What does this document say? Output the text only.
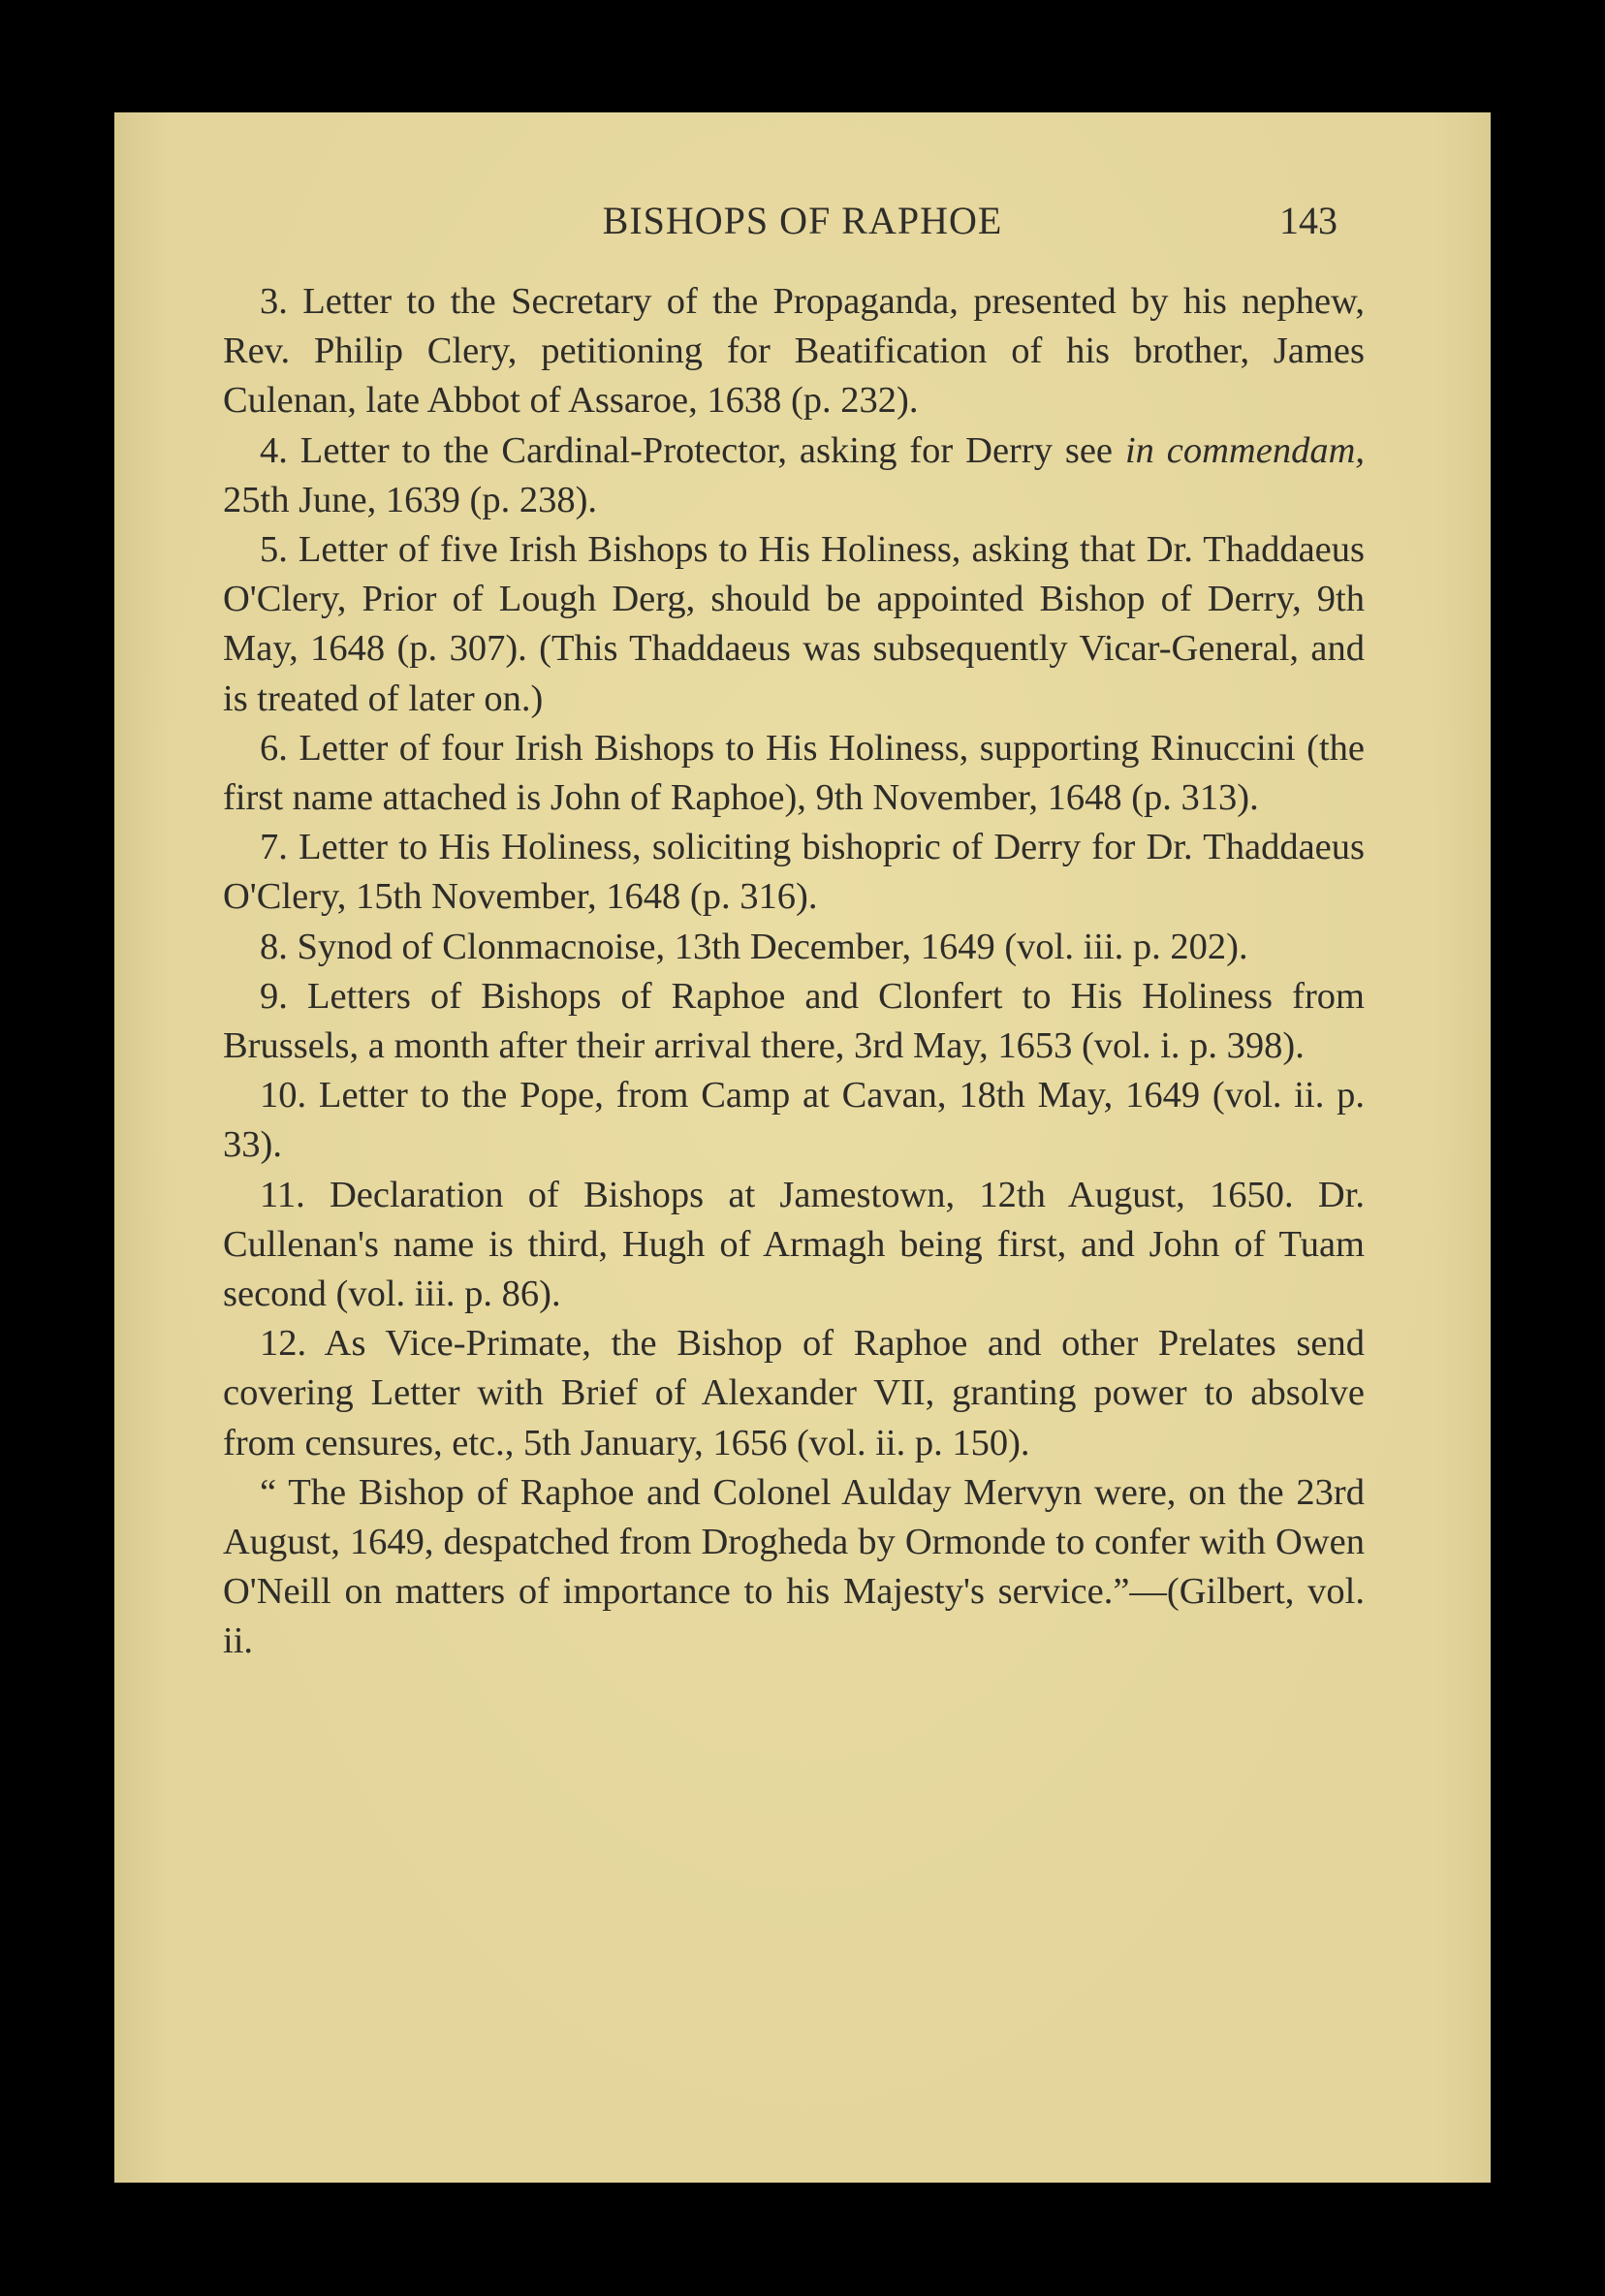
BISHOPS OF RAPHOE	143

3. Letter to the Secretary of the Propaganda, presented by his nephew, Rev. Philip Clery, petitioning for Beatification of his brother, James Culenan, late Abbot of Assaroe, 1638 (p. 232).

4. Letter to the Cardinal-Protector, asking for Derry see in commendam, 25th June, 1639 (p. 238).

5. Letter of five Irish Bishops to His Holiness, asking that Dr. Thaddaeus O'Clery, Prior of Lough Derg, should be appointed Bishop of Derry, 9th May, 1648 (p. 307). (This Thaddaeus was subsequently Vicar-General, and is treated of later on.)

6. Letter of four Irish Bishops to His Holiness, supporting Rinuccini (the first name attached is John of Raphoe), 9th November, 1648 (p. 313).

7. Letter to His Holiness, soliciting bishopric of Derry for Dr. Thaddaeus O'Clery, 15th November, 1648 (p. 316).

8. Synod of Clonmacnoise, 13th December, 1649 (vol. iii. p. 202).

9. Letters of Bishops of Raphoe and Clonfert to His Holiness from Brussels, a month after their arrival there, 3rd May, 1653 (vol. i. p. 398).

10. Letter to the Pope, from Camp at Cavan, 18th May, 1649 (vol. ii. p. 33).

11. Declaration of Bishops at Jamestown, 12th August, 1650. Dr. Cullenan's name is third, Hugh of Armagh being first, and John of Tuam second (vol. iii. p. 86).

12. As Vice-Primate, the Bishop of Raphoe and other Prelates send covering Letter with Brief of Alexander VII, granting power to absolve from censures, etc., 5th January, 1656 (vol. ii. p. 150).

“ The Bishop of Raphoe and Colonel Aulday Mervyn were, on the 23rd August, 1649, despatched from Drogheda by Ormonde to confer with Owen O'Neill on matters of importance to his Majesty's service.”—(Gilbert, vol. ii.
